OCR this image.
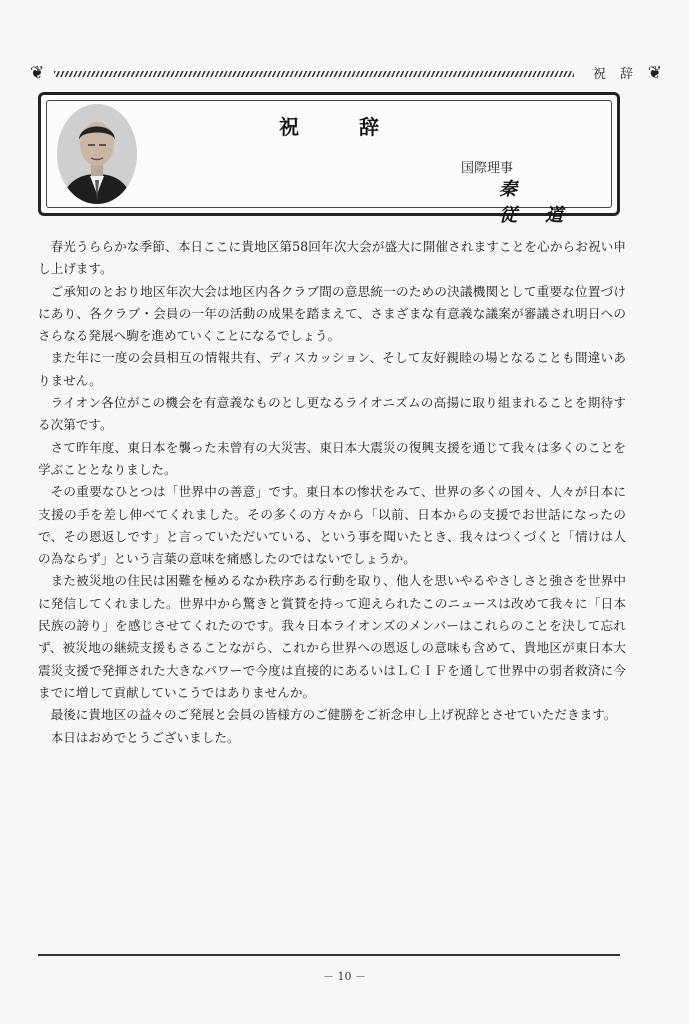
❦	祝 辞 ❦
祝辞
国際理事
秦 従道

春光うららかな季節、本日ここに貴地区第58回年次大会が盛大に開催されますことを心からお祝い申し上げます。

ご承知のとおり地区年次大会は地区内各クラブ間の意思統一のための決議機関として重要な位置づけにあり、各クラブ・会員の一年の活動の成果を踏まえて、さまざまな有意義な議案が審議され明日へのさらなる発展へ駒を進めていくことになるでしょう。

また年に一度の会員相互の情報共有、ディスカッション、そして友好親睦の場となることも間違いありません。

ライオン各位がこの機会を有意義なものとし更なるライオニズムの高揚に取り組まれることを期待する次第です。

さて昨年度、東日本を襲った未曾有の大災害、東日本大震災の復興支援を通じて我々は多くのことを学ぶこととなりました。

その重要なひとつは「世界中の善意」です。東日本の惨状をみて、世界の多くの国々、人々が日本に支援の手を差し伸べてくれました。その多くの方々から「以前、日本からの支援でお世話になったので、その恩返しです」と言っていただいている、という事を聞いたとき、我々はつくづくと「情けは人の為ならず」という言葉の意味を痛感したのではないでしょうか。

また被災地の住民は困難を極めるなか秩序ある行動を取り、他人を思いやるやさしさと強さを世界中に発信してくれました。世界中から驚きと賞賛を持って迎えられたこのニュースは改めて我々に「日本民族の誇り」を感じさせてくれたのです。我々日本ライオンズのメンバーはこれらのことを決して忘れず、被災地の継続支援もさることながら、これから世界への恩返しの意味も含めて、貴地区が東日本大震災支援で発揮された大きなパワーで今度は直接的にあるいはＬＣＩＦを通して世界中の弱者救済に今までに増して貢献していこうではありませんか。

最後に貴地区の益々のご発展と会員の皆様方のご健勝をご祈念申し上げ祝辞とさせていただきます。

本日はおめでとうございました。

－ 10 －
